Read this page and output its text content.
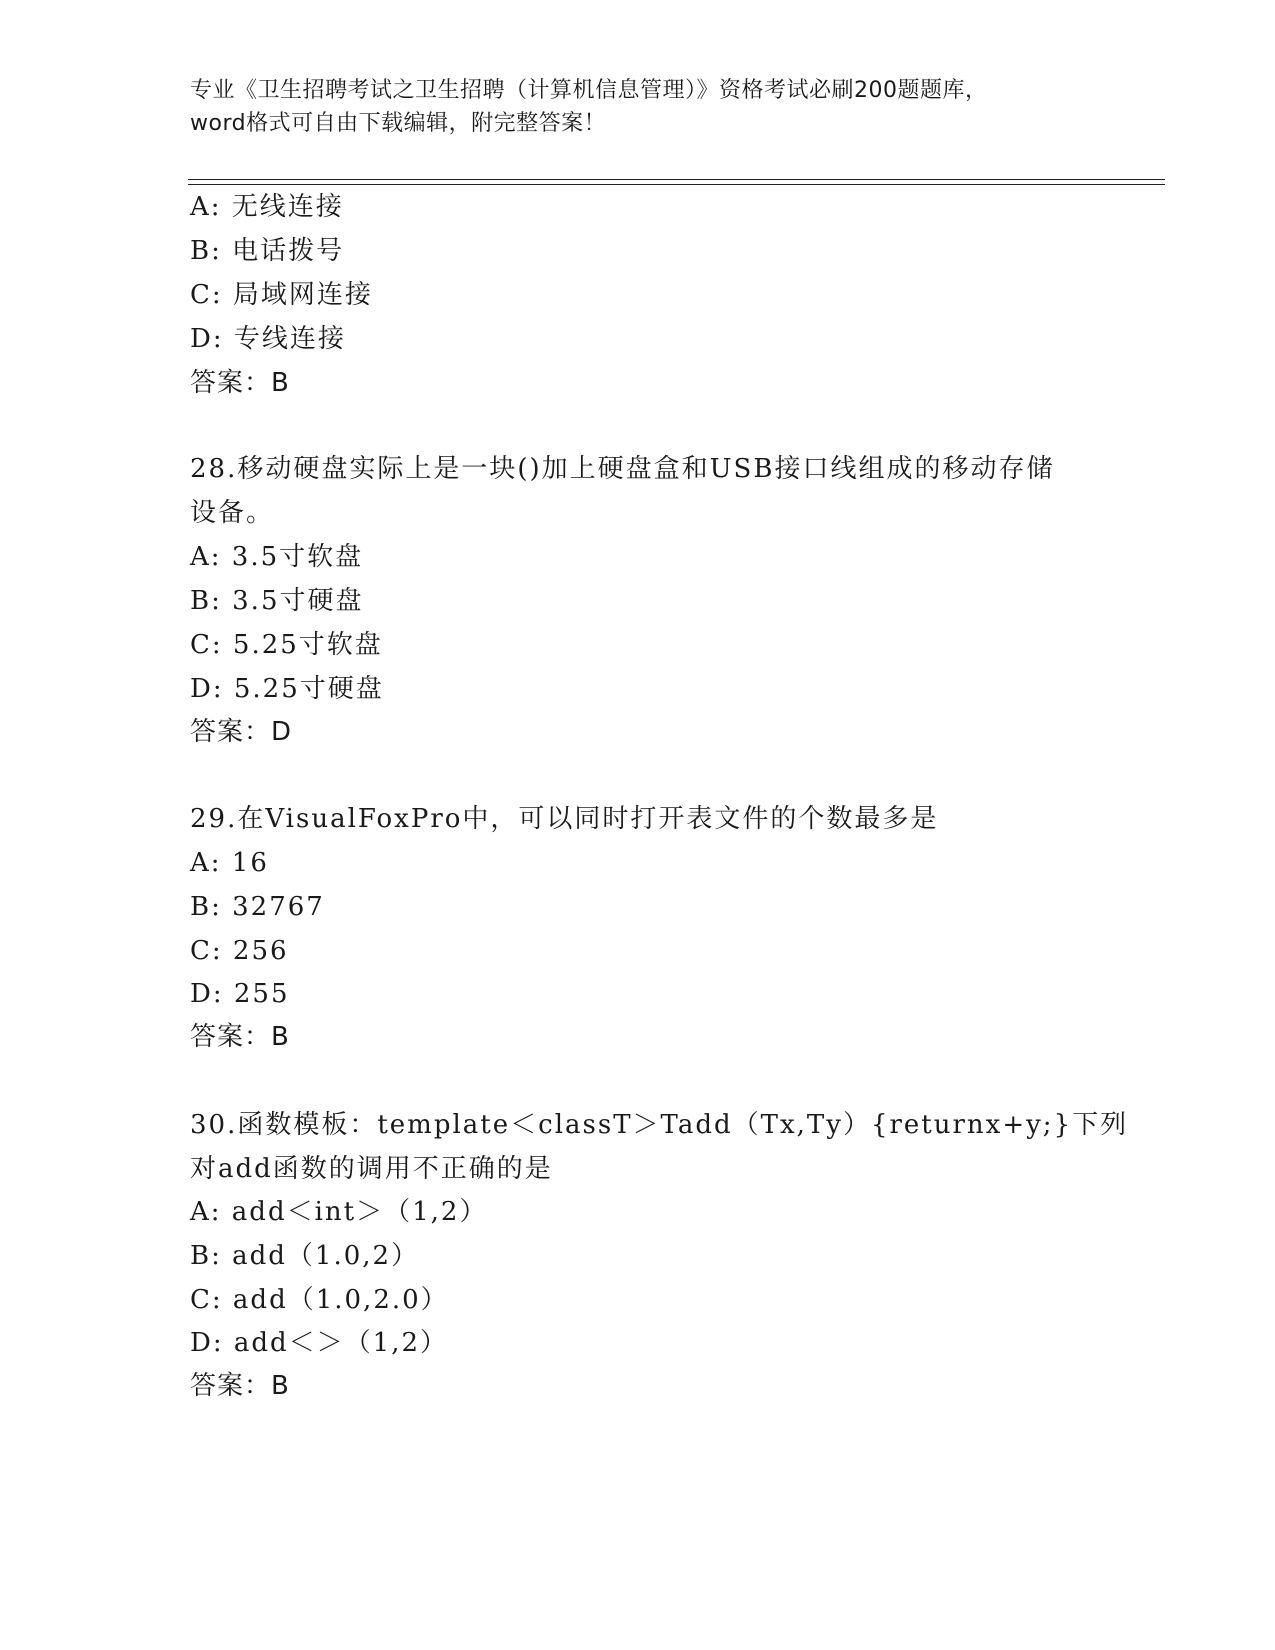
专业《卫生招聘考试之卫生招聘（计算机信息管理）》资格考试必刷200题题库，
word格式可自由下载编辑，附完整答案！
A: 无线连接
B: 电话拨号
C: 局域网连接
D: 专线连接
答案：B
28.移动硬盘实际上是一块()加上硬盘盒和USB接口线组成的移动存储
设备。
A: 3.5寸软盘
B: 3.5寸硬盘
C: 5.25寸软盘
D: 5.25寸硬盘
答案：D
29.在VisualFoxPro中，可以同时打开表文件的个数最多是
A: 16
B: 32767
C: 256
D: 255
答案：B
30.函数模板：template＜classT＞Tadd（Tx,Ty）{returnx+y;}下列
对add函数的调用不正确的是
A: add＜int＞（1,2）
B: add（1.0,2）
C: add（1.0,2.0）
D: add＜＞（1,2）
答案：B
